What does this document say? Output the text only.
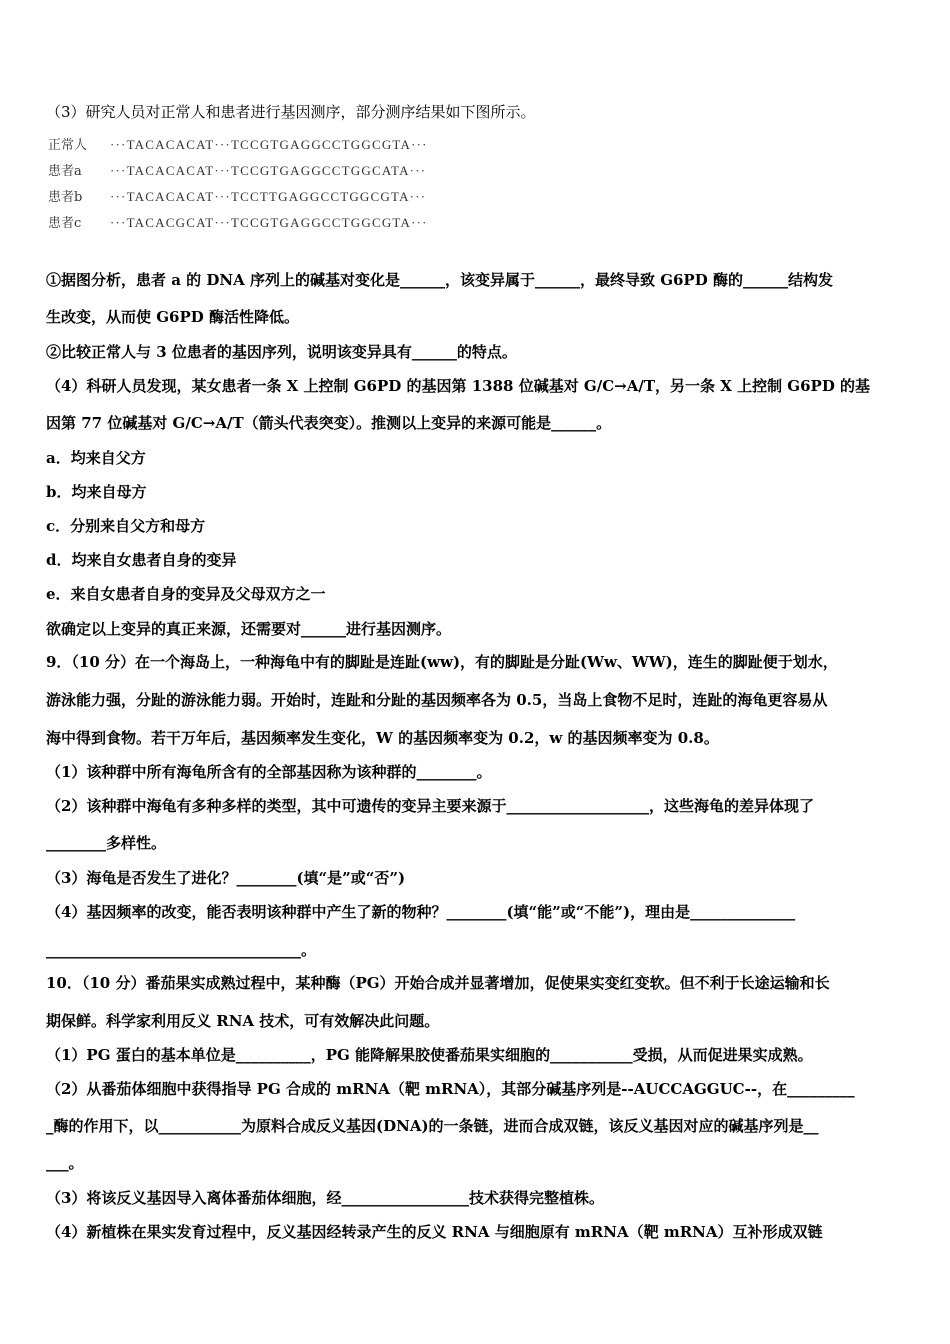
（3）研究人员对正常人和患者进行基因测序，部分测序结果如下图所示。
正常人 ···TACACACAT···TCCGTGAGGCCTGGCGTA···
患者a ···TACACACAT···TCCGTGAGGCCTGGCATA···
患者b ···TACACACAT···TCCTTGAGGCCTGGCGTA···
患者c ···TACACGCAT···TCCGTGAGGCCTGGCGTA···
①据图分析，患者 a 的 DNA 序列上的碱基对变化是______，该变异属于______，最终导致 G6PD 酶的______结构发
生改变，从而使 G6PD 酶活性降低。
②比较正常人与 3 位患者的基因序列，说明该变异具有______的特点。
（4）科研人员发现，某女患者一条 X 上控制 G6PD 的基因第 1388 位碱基对 G/C→A/T，另一条 X 上控制 G6PD 的基
因第 77 位碱基对 G/C→A/T（箭头代表突变）。推测以上变异的来源可能是______。
a．均来自父方
b．均来自母方
c．分别来自父方和母方
d．均来自女患者自身的变异
e．来自女患者自身的变异及父母双方之一
欲确定以上变异的真正来源，还需要对______进行基因测序。
9．（10 分）在一个海岛上，一种海龟中有的脚趾是连趾(ww)，有的脚趾是分趾(Ww、WW)，连生的脚趾便于划水，
游泳能力强，分趾的游泳能力弱。开始时，连趾和分趾的基因频率各为 0.5，当岛上食物不足时，连趾的海龟更容易从
海中得到食物。若干万年后，基因频率发生变化，W 的基因频率变为 0.2，w 的基因频率变为 0.8。
（1）该种群中所有海龟所含有的全部基因称为该种群的________。
（2）该种群中海龟有多种多样的类型，其中可遗传的变异主要来源于___________________，这些海龟的差异体现了
________多样性。
（3）海龟是否发生了进化？________(填“是”或“否”)
（4）基因频率的改变，能否表明该种群中产生了新的物种？________(填“能”或“不能”)，理由是______________
__________________________________。
10．（10 分）番茄果实成熟过程中，某种酶（PG）开始合成并显著增加，促使果实变红变软。但不利于长途运输和长
期保鲜。科学家利用反义 RNA 技术，可有效解决此问题。
（1）PG 蛋白的基本单位是__________，PG 能降解果胶使番茄果实细胞的___________受损，从而促进果实成熟。
（2）从番茄体细胞中获得指导 PG 合成的 mRNA（靶 mRNA），其部分碱基序列是--AUCCAGGUC--，在_________
_酶的作用下，以___________为原料合成反义基因(DNA)的一条链，进而合成双链，该反义基因对应的碱基序列是__
___。
（3）将该反义基因导入离体番茄体细胞，经_________________技术获得完整植株。
（4）新植株在果实发育过程中，反义基因经转录产生的反义 RNA 与细胞原有 mRNA（靶 mRNA）互补形成双链
